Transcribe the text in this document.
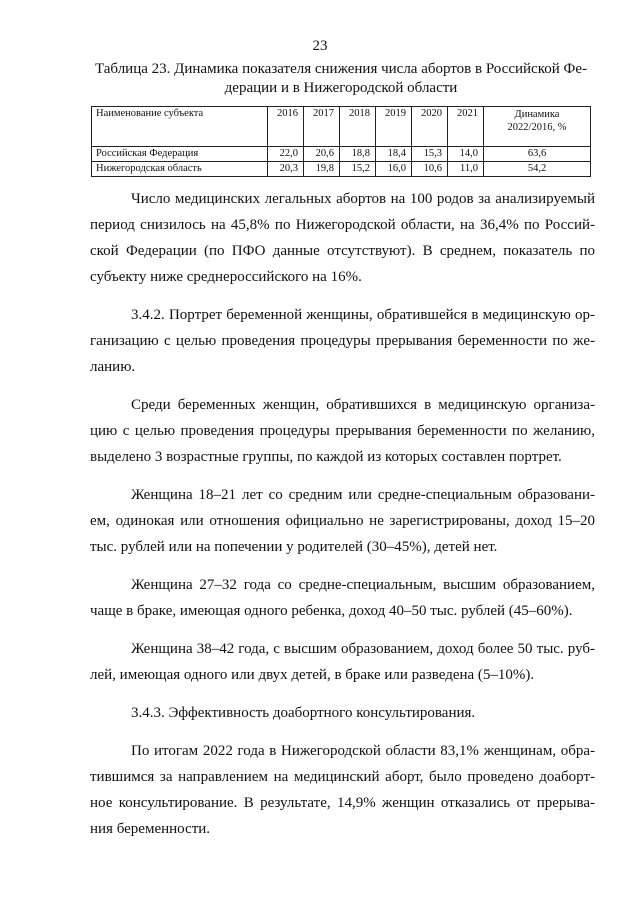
23
Таблица 23. Динамика показателя снижения числа абортов в Российской Фе-
дерации и в Нижегородской области
Наименование субъекта	2016	2017	2018	2019	2020	2021	Динамика
2022/2016, %

Российская Федерация	22,0	20,6	18,8	18,4	15,3	14,0	63,6
Нижегородская область	20,3	19,8	15,2	16,0	10,6	11,0	54,2
Число медицинских легальных абортов на 100 родов за анализируемый
период снизилось на 45,8% по Нижегородской области, на 36,4% по Россий-
ской Федерации (по ПФО данные отсутствуют). В среднем, показатель по
субъекту ниже среднероссийского на 16%.
3.4.2. Портрет беременной женщины, обратившейся в медицинскую ор-
ганизацию с целью проведения процедуры прерывания беременности по же-
ланию.
Среди беременных женщин, обратившихся в медицинскую организа-
цию с целью проведения процедуры прерывания беременности по желанию,
выделено 3 возрастные группы, по каждой из которых составлен портрет.
Женщина 18–21 лет со средним или средне-специальным образовани-
ем, одинокая или отношения официально не зарегистрированы, доход 15–20
тыс. рублей или на попечении у родителей (30–45%), детей нет.
Женщина 27–32 года со средне-специальным, высшим образованием,
чаще в браке, имеющая одного ребенка, доход 40–50 тыс. рублей (45–60%).
Женщина 38–42 года, с высшим образованием, доход более 50 тыс. руб-
лей, имеющая одного или двух детей, в браке или разведена (5–10%).
3.4.3. Эффективность доабортного консультирования.
По итогам 2022 года в Нижегородской области 83,1% женщинам, обра-
тившимся за направлением на медицинский аборт, было проведено доаборт-
ное консультирование. В результате, 14,9% женщин отказались от прерыва-
ния беременности.
